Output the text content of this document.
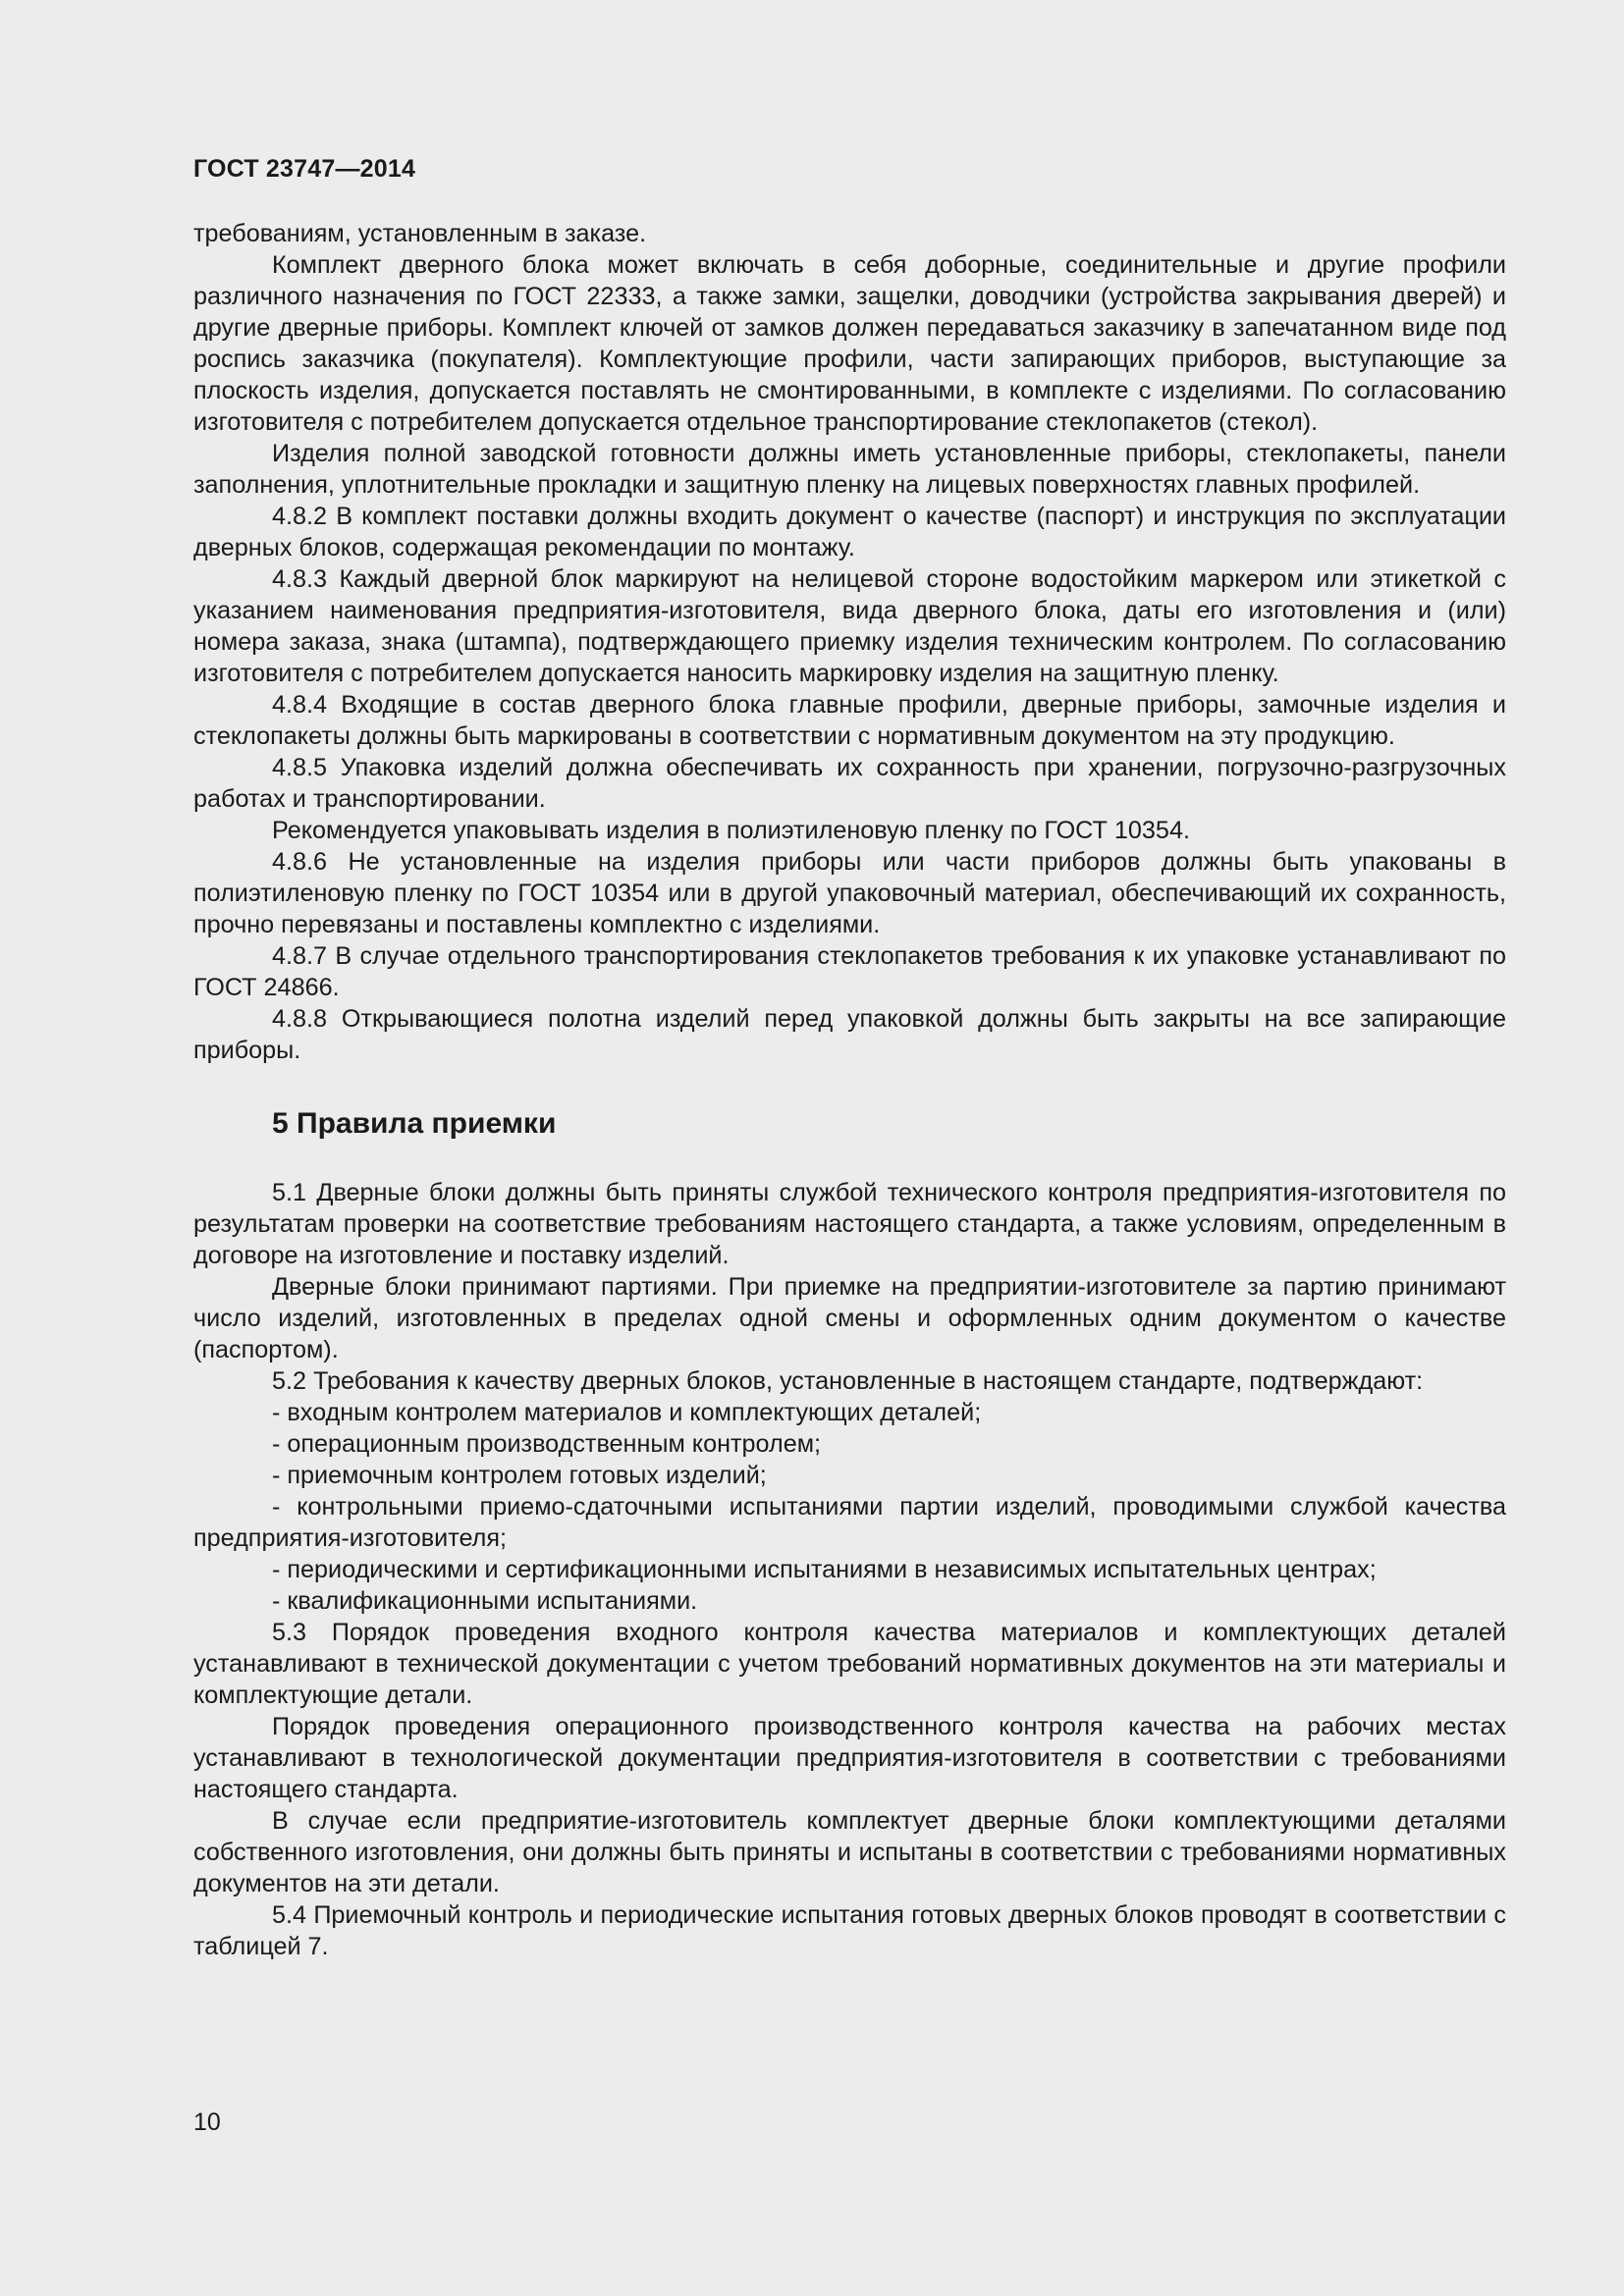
ГОСТ 23747—2014

требованиям, установленным в заказе.

Комплект дверного блока может включать в себя доборные, соединительные и другие профили различного назначения по ГОСТ 22333, а также замки, защелки, доводчики (устройства закрывания дверей) и другие дверные приборы. Комплект ключей от замков должен передаваться заказчику в запечатанном виде под роспись заказчика (покупателя). Комплектующие профили, части запирающих приборов, выступающие за плоскость изделия, допускается поставлять не смонтированными, в комплекте с изделиями. По согласованию изготовителя с потребителем допускается отдельное транспортирование стеклопакетов (стекол).

Изделия полной заводской готовности должны иметь установленные приборы, стеклопакеты, панели заполнения, уплотнительные прокладки и защитную пленку на лицевых поверхностях главных профилей.

4.8.2 В комплект поставки должны входить документ о качестве (паспорт) и инструкция по эксплуатации дверных блоков, содержащая рекомендации по монтажу.

4.8.3 Каждый дверной блок маркируют на нелицевой стороне водостойким маркером или этикеткой с указанием наименования предприятия-изготовителя, вида дверного блока, даты его изготовления и (или) номера заказа, знака (штампа), подтверждающего приемку изделия техническим контролем. По согласованию изготовителя с потребителем допускается наносить маркировку изделия на защитную пленку.

4.8.4 Входящие в состав дверного блока главные профили, дверные приборы, замочные изделия и стеклопакеты должны быть маркированы в соответствии с нормативным документом на эту продукцию.

4.8.5 Упаковка изделий должна обеспечивать их сохранность при хранении, погрузочно-разгрузочных работах и транспортировании.

Рекомендуется упаковывать изделия в полиэтиленовую пленку по ГОСТ 10354.

4.8.6 Не установленные на изделия приборы или части приборов должны быть упакованы в полиэтиленовую пленку по ГОСТ 10354 или в другой упаковочный материал, обеспечивающий их сохранность, прочно перевязаны и поставлены комплектно с изделиями.

4.8.7 В случае отдельного транспортирования стеклопакетов требования к их упаковке устанавливают по ГОСТ 24866.

4.8.8 Открывающиеся полотна изделий перед упаковкой должны быть закрыты на все запирающие приборы.

5 Правила приемки

5.1 Дверные блоки должны быть приняты службой технического контроля предприятия-изготовителя по результатам проверки на соответствие требованиям настоящего стандарта, а также условиям, определенным в договоре на изготовление и поставку изделий.

Дверные блоки принимают партиями. При приемке на предприятии-изготовителе за партию принимают число изделий, изготовленных в пределах одной смены и оформленных одним документом о качестве (паспортом).

5.2 Требования к качеству дверных блоков, установленные в настоящем стандарте, подтверждают:

- входным контролем материалов и комплектующих деталей;

- операционным производственным контролем;

- приемочным контролем готовых изделий;

- контрольными приемо-сдаточными испытаниями партии изделий, проводимыми службой качества предприятия-изготовителя;

- периодическими и сертификационными испытаниями в независимых испытательных центрах;

- квалификационными испытаниями.

5.3 Порядок проведения входного контроля качества материалов и комплектующих деталей устанавливают в технической документации с учетом требований нормативных документов на эти материалы и комплектующие детали.

Порядок проведения операционного производственного контроля качества на рабочих местах устанавливают в технологической документации предприятия-изготовителя в соответствии с требованиями настоящего стандарта.

В случае если предприятие-изготовитель комплектует дверные блоки комплектующими деталями собственного изготовления, они должны быть приняты и испытаны в соответствии с требованиями нормативных документов на эти детали.

5.4 Приемочный контроль и периодические испытания готовых дверных блоков проводят в соответствии с таблицей 7.

10
